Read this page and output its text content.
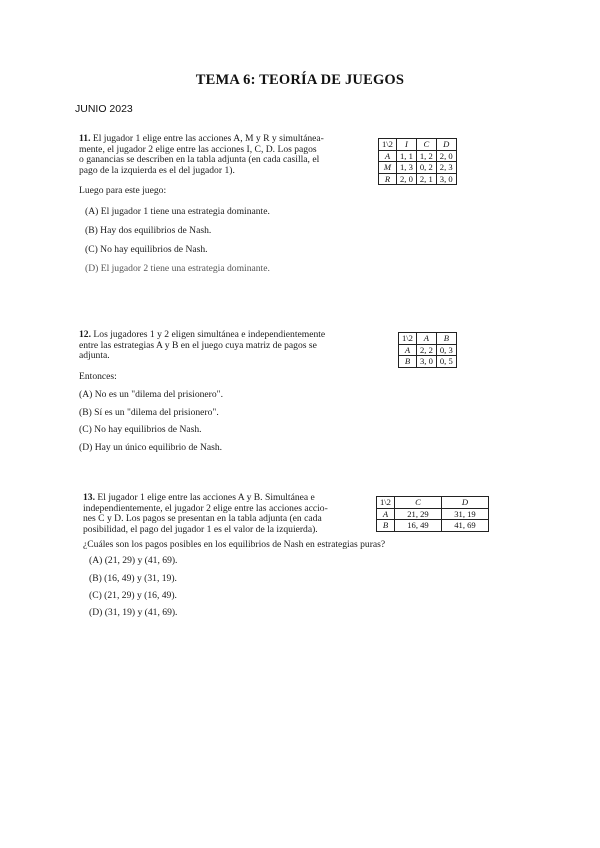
TEMA 6: TEORÍA DE JUEGOS
JUNIO 2023
11. El jugador 1 elige entre las acciones A, M y R y simultánea-
mente, el jugador 2 elige entre las acciones I, C, D. Los pagos
o ganancias se describen en la tabla adjunta (en cada casilla, el
pago de la izquierda es el del jugador 1).
Luego para este juego:
(A) El jugador 1 tiene una estrategia dominante.
(B) Hay dos equilibrios de Nash.
(C) No hay equilibrios de Nash.
(D) El jugador 2 tiene una estrategia dominante.
1\2	I	C	D
A	1, 1	1, 2	2, 0
M	1, 3	0, 2	2, 3
R	2, 0	2, 1	3, 0
12. Los jugadores 1 y 2 eligen simultánea e independientemente
entre las estrategias A y B en el juego cuya matriz de pagos se
adjunta.
Entonces:
(A) No es un "dilema del prisionero".
(B) Sí es un "dilema del prisionero".
(C) No hay equilibrios de Nash.
(D) Hay un único equilibrio de Nash.
1\2	A	B
A	2, 2	0, 3
B	3, 0	0, 5
13. El jugador 1 elige entre las acciones A y B. Simultánea e
independientemente, el jugador 2 elige entre las acciones accio-
nes C y D. Los pagos se presentan en la tabla adjunta (en cada
posibilidad, el pago del jugador 1 es el valor de la izquierda).
¿Cuáles son los pagos posibles en los equilibrios de Nash en estrategias puras?
(A) (21, 29) y (41, 69).
(B) (16, 49) y (31, 19).
(C) (21, 29) y (16, 49).
(D) (31, 19) y (41, 69).
1\2	C	D
A	21, 29	31, 19
B	16, 49	41, 69
